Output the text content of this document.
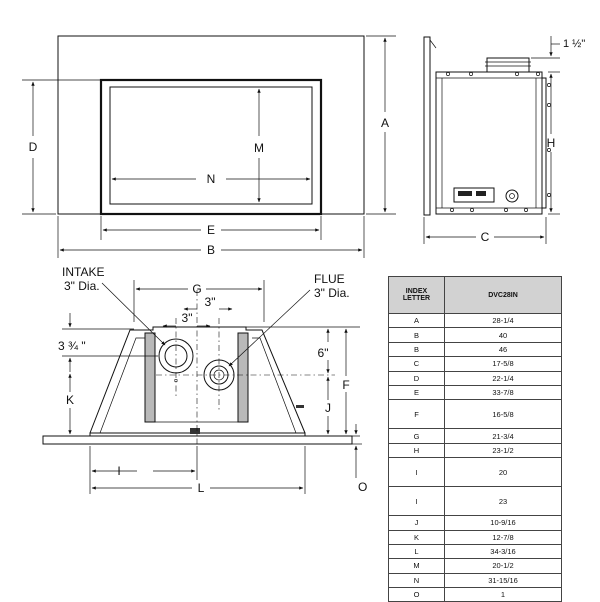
N
M
D
A
E
B
H
1 ½"
C
¤
G
3"
3"
INTAKE
3" Dia.	FLUE
3" Dia.
3 ¾ "
K
6"
J
F
O
I
L
INDEX
LETTER	DVC28IN
A	28-1/4
B	40
B	46
C	17-5/8
D	22-1/4
E	33-7/8
F	16-5/8
G	21-3/4
H	23-1/2
I	20
I	23
J	10-9/16
K	12-7/8
L	34-3/16
M	20-1/2
N	31-15/16
O	1
